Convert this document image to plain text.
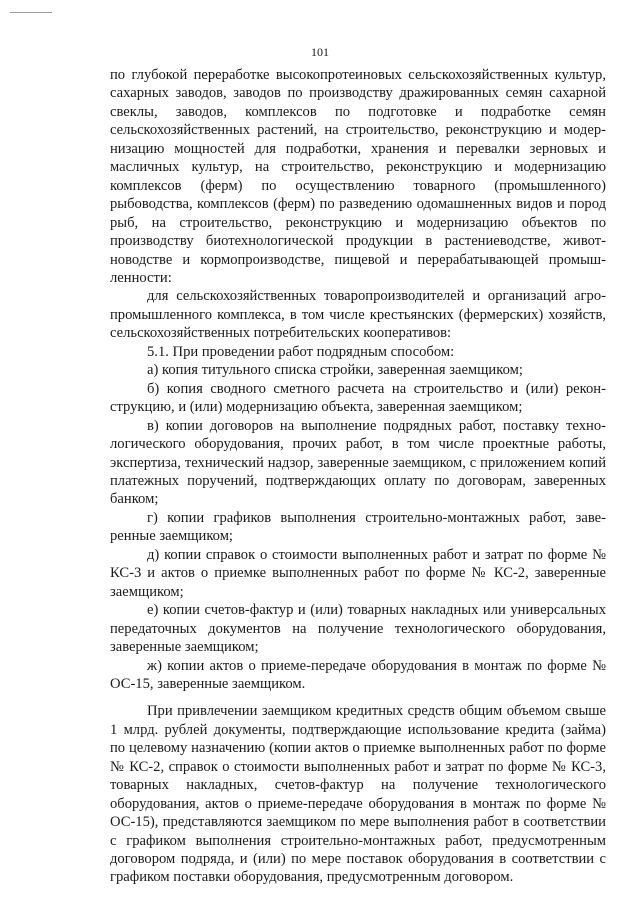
101

по глубокой переработке высокопротеиновых сельскохозяйственных культур, сахарных заводов, заводов по производству дражированных семян сахарной свеклы, заводов, комплексов по подготовке и подработке семян сельскохозяйственных растений, на строительство, реконструкцию и модернизацию мощностей для подработки, хранения и перевалки зерновых и масличных культур, на строительство, реконструкцию и модернизацию комплексов (ферм) по осуществлению товарного (промышленного) рыбоводства, комплексов (ферм) по разведению одомашненных видов и пород рыб, на строительство, реконструкцию и модернизацию объектов по производству биотехнологической продукции в растениеводстве, животноводстве и кормопроизводстве, пищевой и перерабатывающей промышленности:

для сельскохозяйственных товаропроизводителей и организаций агропромышленного комплекса, в том числе крестьянских (фермерских) хозяйств, сельскохозяйственных потребительских кооперативов:

5.1. При проведении работ подрядным способом:

а) копия титульного списка стройки, заверенная заемщиком;

б) копия сводного сметного расчета на строительство и (или) реконструкцию, и (или) модернизацию объекта, заверенная заемщиком;

в) копии договоров на выполнение подрядных работ, поставку технологического оборудования, прочих работ, в том числе проектные работы, экспертиза, технический надзор, заверенные заемщиком, с приложением копий платежных поручений, подтверждающих оплату по договорам, заверенных банком;

г) копии графиков выполнения строительно-монтажных работ, заверенные заемщиком;

д) копии справок о стоимости выполненных работ и затрат по форме № КС-3 и актов о приемке выполненных работ по форме № КС-2, заверенные заемщиком;

е) копии счетов-фактур и (или) товарных накладных или универсальных передаточных документов на получение технологического оборудования, заверенные заемщиком;

ж) копии актов о приеме-передаче оборудования в монтаж по форме № ОС-15, заверенные заемщиком.

При привлечении заемщиком кредитных средств общим объемом свыше 1 млрд. рублей документы, подтверждающие использование кредита (займа) по целевому назначению (копии актов о приемке выполненных работ по форме № КС-2, справок о стоимости выполненных работ и затрат по форме № КС-3, товарных накладных, счетов-фактур на получение технологического оборудования, актов о приеме-передаче оборудования в монтаж по форме № ОС-15), представляются заемщиком по мере выполнения работ в соответствии с графиком выполнения строительно-монтажных работ, предусмотренным договором подряда, и (или) по мере поставок оборудования в соответствии с графиком поставки оборудования, предусмотренным договором.
